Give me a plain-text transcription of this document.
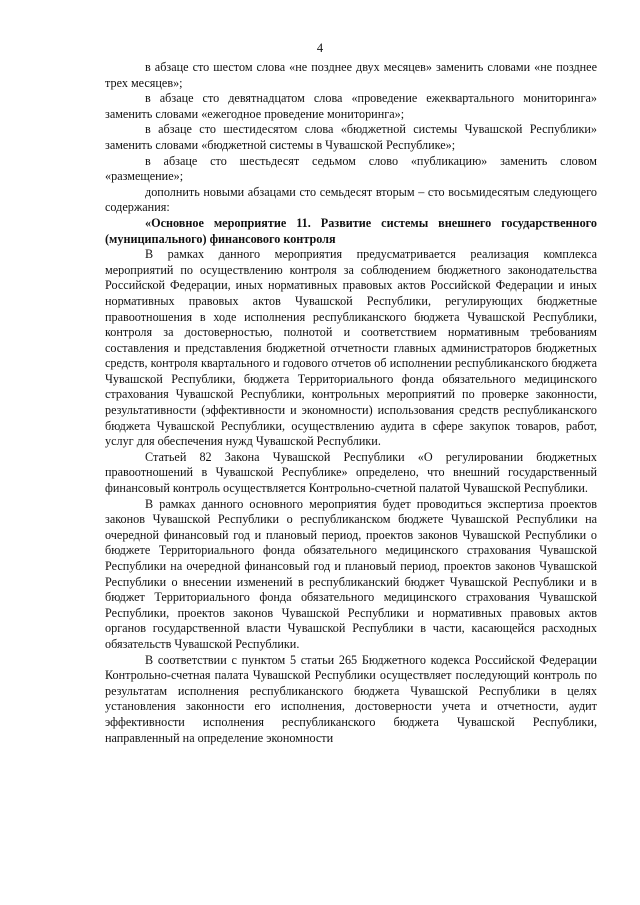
4

в абзаце сто шестом слова «не позднее двух месяцев» заменить словами «не позднее трех месяцев»;

в абзаце сто девятнадцатом слова «проведение ежеквартального мониторинга» заменить словами «ежегодное проведение мониторинга»;

в абзаце сто шестидесятом слова «бюджетной системы Чувашской Республики» заменить словами «бюджетной системы в Чувашской Республике»;

в абзаце сто шестьдесят седьмом слово «публикацию» заменить словом «размещение»;

дополнить новыми абзацами сто семьдесят вторым – сто восьмидесятым следующего содержания:

«Основное мероприятие 11. Развитие системы внешнего государственного (муниципального) финансового контроля

В рамках данного мероприятия предусматривается реализация комплекса мероприятий по осуществлению контроля за соблюдением бюджетного законодательства Российской Федерации, иных нормативных правовых актов Российской Федерации и иных нормативных правовых актов Чувашской Республики, регулирующих бюджетные правоотношения в ходе исполнения республиканского бюджета Чувашской Республики, контроля за достоверностью, полнотой и соответствием нормативным требованиям составления и представления бюджетной отчетности главных администраторов бюджетных средств, контроля квартального и годового отчетов об исполнении республиканского бюджета Чувашской Республики, бюджета Территориального фонда обязательного медицинского страхования Чувашской Республики, контрольных мероприятий по проверке законности, результативности (эффективности и экономности) использования средств республиканского бюджета Чувашской Республики, осуществлению аудита в сфере закупок товаров, работ, услуг для обеспечения нужд Чувашской Республики.

Статьей 82 Закона Чувашской Республики «О регулировании бюджетных правоотношений в Чувашской Республике» определено, что внешний государственный финансовый контроль осуществляется Контрольно-счетной палатой Чувашской Республики.

В рамках данного основного мероприятия будет проводиться экспертиза проектов законов Чувашской Республики о республиканском бюджете Чувашской Республики на очередной финансовый год и плановый период, проектов законов Чувашской Республики о бюджете Территориального фонда обязательного медицинского страхования Чувашской Республики на очередной финансовый год и плановый период, проектов законов Чувашской Республики о внесении изменений в республиканский бюджет Чувашской Республики и в бюджет Территориального фонда обязательного медицинского страхования Чувашской Республики, проектов законов Чувашской Республики и нормативных правовых актов органов государственной власти Чувашской Республики в части, касающейся расходных обязательств Чувашской Республики.

В соответствии с пунктом 5 статьи 265 Бюджетного кодекса Российской Федерации Контрольно-счетная палата Чувашской Республики осуществляет последующий контроль по результатам исполнения республиканского бюджета Чувашской Республики в целях установления законности его исполнения, достоверности учета и отчетности, аудит эффективности исполнения республиканского бюджета Чувашской Республики, направленный на определение экономности
